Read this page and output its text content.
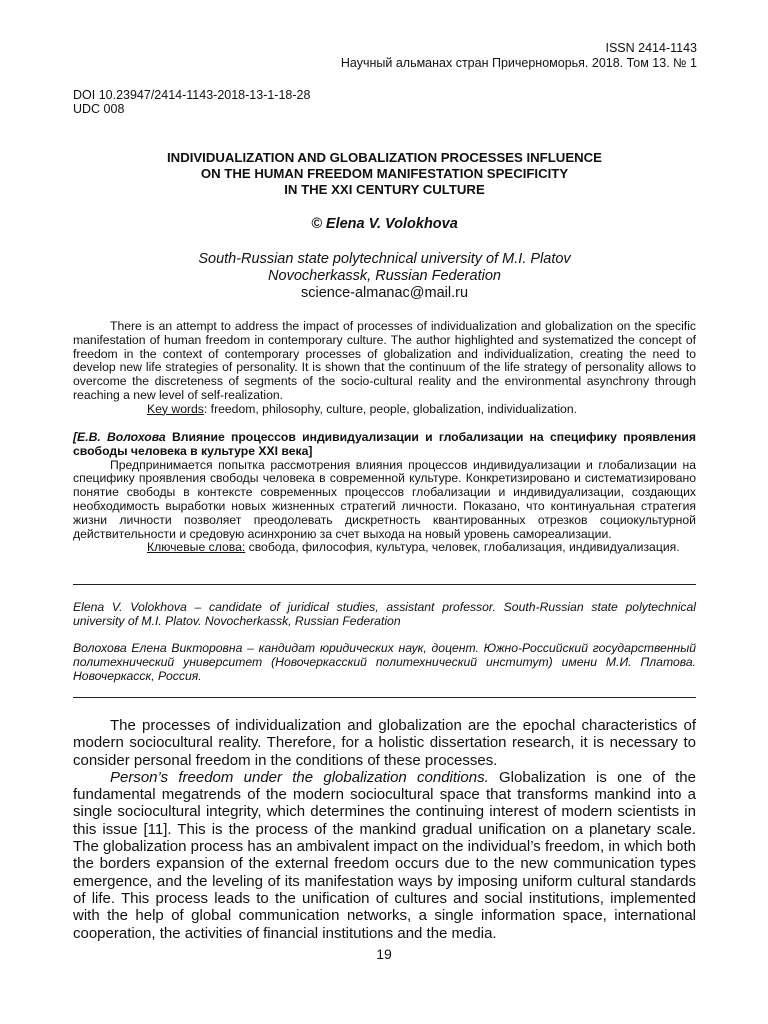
ISSN 2414-1143
Научный альманах стран Причерноморья. 2018. Том 13. № 1
DOI 10.23947/2414-1143-2018-13-1-18-28
UDC 008
INDIVIDUALIZATION AND GLOBALIZATION PROCESSES INFLUENCE
ON THE HUMAN FREEDOM MANIFESTATION SPECIFICITY
IN THE XXI CENTURY CULTURE
© Elena V. Volokhova
South-Russian state polytechnical university of M.I. Platov
Novocherkassk, Russian Federation
science-almanac@mail.ru

There is an attempt to address the impact of processes of individualization and globalization on the specific manifestation of human freedom in contemporary culture. The author highlighted and systematized the concept of freedom in the context of contemporary processes of globalization and individualization, creating the need to develop new life strategies of personality. It is shown that the continuum of the life strategy of personality allows to overcome the discreteness of segments of the socio-cultural reality and the environmental asynchrony through reaching a new level of self-realization.

Key words: freedom, philosophy, culture, people, globalization, individualization.

[Е.В. Волохова Влияние процессов индивидуализации и глобализации на специфику проявления свободы человека в культуре XXI века]

Предпринимается попытка рассмотрения влияния процессов индивидуализации и глобализации на специфику проявления свободы человека в современной культуре. Конкретизировано и систематизировано понятие свободы в контексте современных процессов глобализации и индивидуализации, создающих необходимость выработки новых жизненных стратегий личности. Показано, что континуальная стратегия жизни личности позволяет преодолевать дискретность квантированных отрезков социокультурной действительности и средовую асинхронию за счет выхода на новый уровень самореализации.

Ключевые слова: свобода, философия, культура, человек, глобализация, индивидуализация.

Elena V. Volokhova – candidate of juridical studies, assistant professor. South-Russian state polytechnical university of M.I. Platov. Novocherkassk, Russian Federation

Волохова Елена Викторовна – кандидат юридических наук, доцент. Южно-Российский государственный политехнический университет (Новочеркасский политехнический институт) имени М.И. Платова. Новочеркасск, Россия.

The processes of individualization and globalization are the epochal characteristics of modern sociocultural reality. Therefore, for a holistic dissertation research, it is necessary to consider personal freedom in the conditions of these processes.

Person’s freedom under the globalization conditions. Globalization is one of the fundamental megatrends of the modern sociocultural space that transforms mankind into a single sociocultural integrity, which determines the continuing interest of modern scientists in this issue [11]. This is the process of the mankind gradual unification on a planetary scale. The globalization process has an ambivalent impact on the individual’s freedom, in which both the borders expansion of the external freedom occurs due to the new communication types emergence, and the leveling of its manifestation ways by imposing uniform cultural standards of life. This process leads to the unification of cultures and social institutions, implemented with the help of global communication networks, a single information space, international cooperation, the activities of financial institutions and the media.

19
